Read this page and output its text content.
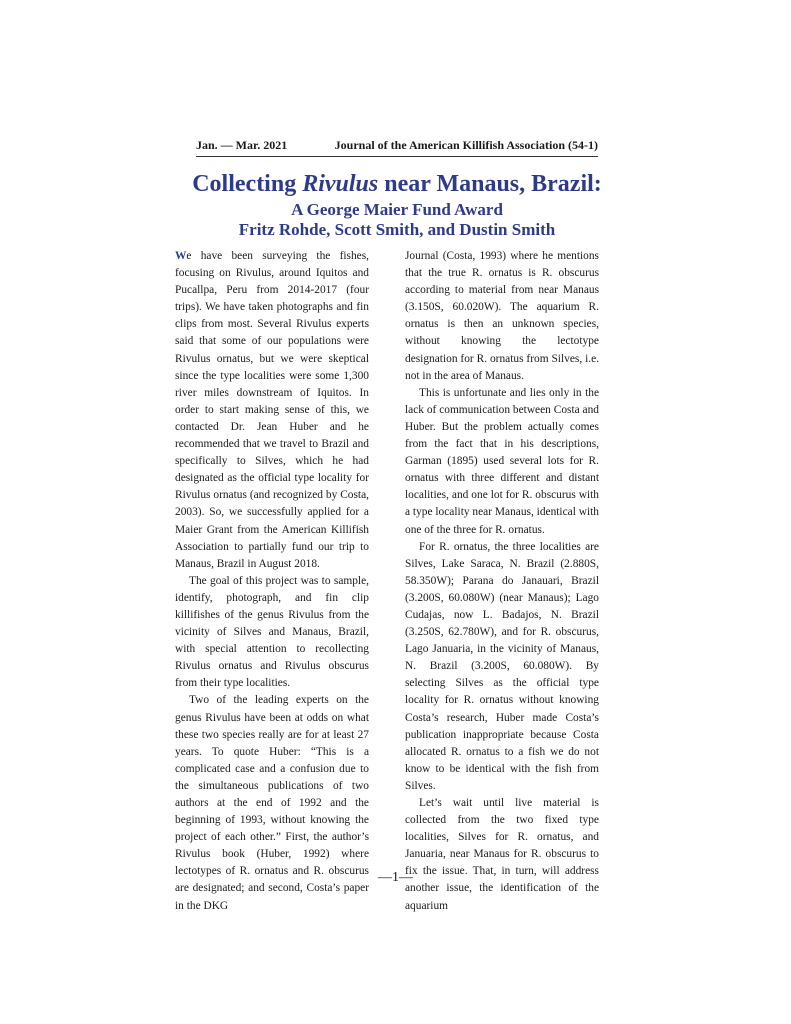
Jan. — Mar. 2021	Journal of the American Killifish Association (54-1)
Collecting Rivulus near Manaus, Brazil:
A George Maier Fund Award
Fritz Rohde, Scott Smith, and Dustin Smith

We have been surveying the fishes, focusing on Rivulus, around Iquitos and Pucallpa, Peru from 2014-2017 (four trips). We have taken photographs and fin clips from most. Several Rivulus experts said that some of our populations were Rivulus ornatus, but we were skeptical since the type localities were some 1,300 river miles downstream of Iquitos. In order to start making sense of this, we contacted Dr. Jean Huber and he recommended that we travel to Brazil and specifically to Silves, which he had designated as the official type locality for Rivulus ornatus (and recognized by Costa, 2003). So, we successfully applied for a Maier Grant from the American Killifish Association to partially fund our trip to Manaus, Brazil in August 2018.

The goal of this project was to sample, identify, photograph, and fin clip killifishes of the genus Rivulus from the vicinity of Silves and Manaus, Brazil, with special attention to recollecting Rivulus ornatus and Rivulus obscurus from their type localities.

Two of the leading experts on the genus Rivulus have been at odds on what these two species really are for at least 27 years. To quote Huber: “This is a complicated case and a confusion due to the simultaneous publications of two authors at the end of 1992 and the beginning of 1993, without knowing the project of each other.” First, the author’s Rivulus book (Huber, 1992) where lectotypes of R. ornatus and R. obscurus are designated; and second, Costa’s paper in the DKG

Journal (Costa, 1993) where he mentions that the true R. ornatus is R. obscurus according to material from near Manaus (3.150S, 60.020W). The aquarium R. ornatus is then an unknown species, without knowing the lectotype designation for R. ornatus from Silves, i.e. not in the area of Manaus.

This is unfortunate and lies only in the lack of communication between Costa and Huber. But the problem actually comes from the fact that in his descriptions, Garman (1895) used several lots for R. ornatus with three different and distant localities, and one lot for R. obscurus with a type locality near Manaus, identical with one of the three for R. ornatus.

For R. ornatus, the three localities are Silves, Lake Saraca, N. Brazil (2.880S, 58.350W); Parana do Janauari, Brazil (3.200S, 60.080W) (near Manaus); Lago Cudajas, now L. Badajos, N. Brazil (3.250S, 62.780W), and for R. obscurus, Lago Januaria, in the vicinity of Manaus, N. Brazil (3.200S, 60.080W). By selecting Silves as the official type locality for R. ornatus without knowing Costa’s research, Huber made Costa’s publication inappropriate because Costa allocated R. ornatus to a fish we do not know to be identical with the fish from Silves.

Let’s wait until live material is collected from the two fixed type localities, Silves for R. ornatus, and Januaria, near Manaus for R. obscurus to fix the issue. That, in turn, will address another issue, the identification of the aquarium

—1—
